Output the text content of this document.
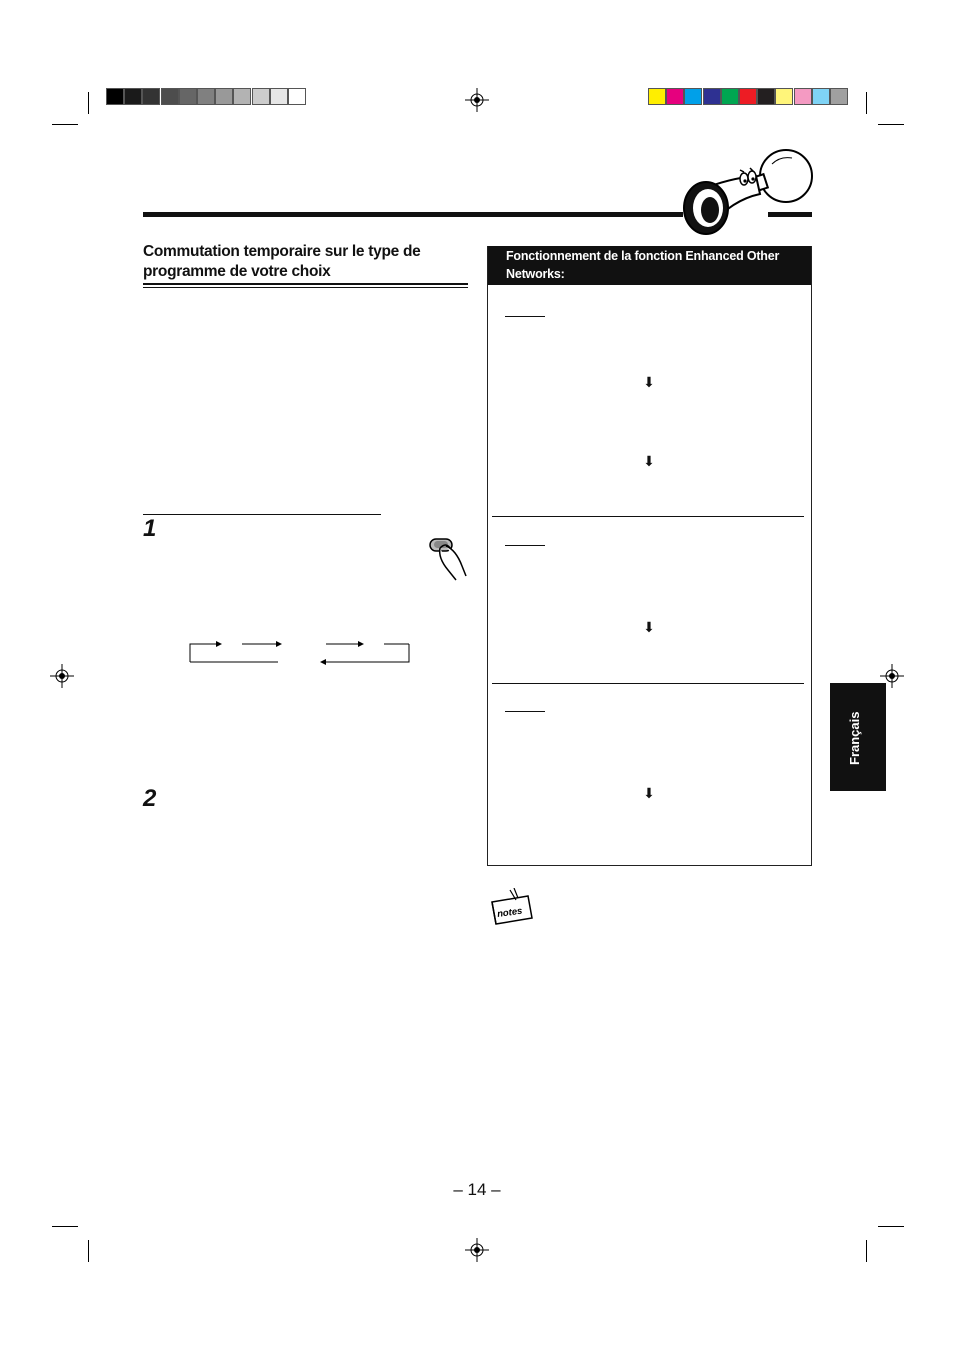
Commutation temporaire sur le type de programme de votre choix
1
2
Fonctionnement de la fonction Enhanced Other Networks:
⬇
⬇
⬇
⬇
notes
Français
– 14 –
